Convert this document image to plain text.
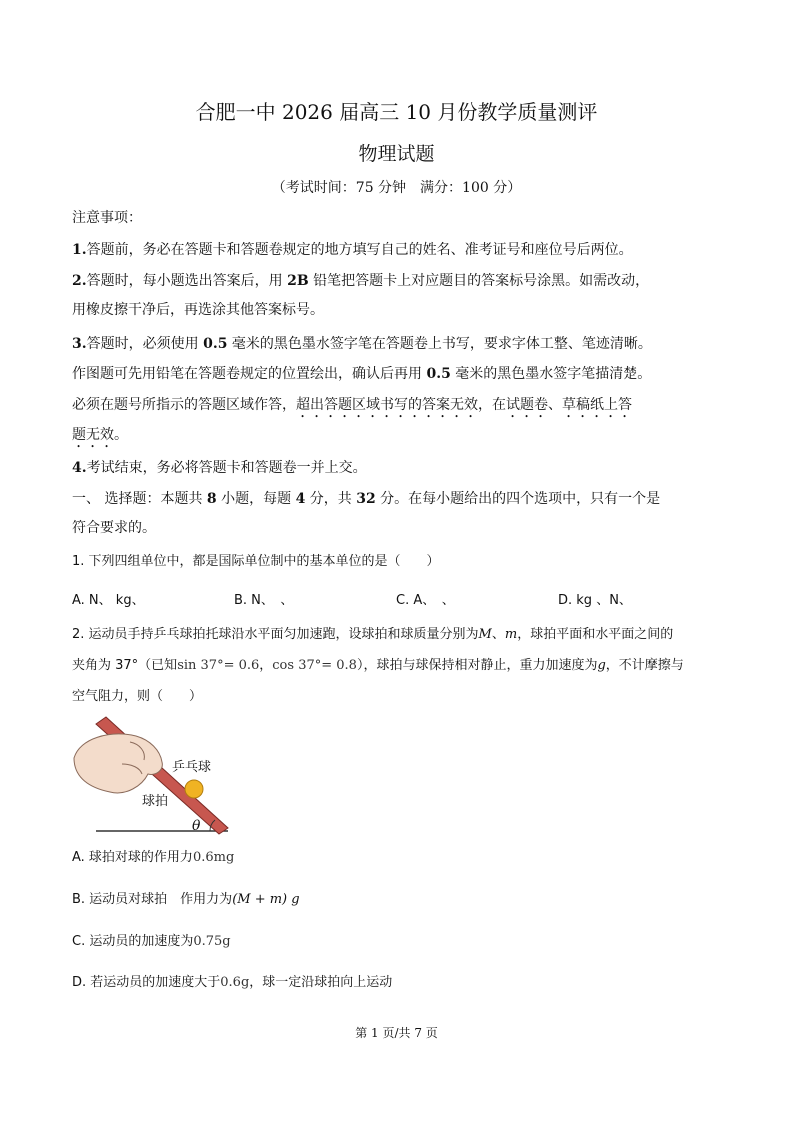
合肥一中 2026 届高三 10 月份教学质量测评
物理试题
（考试时间：75 分钟　满分：100 分）
注意事项：
1.答题前，务必在答题卡和答题卷规定的地方填写自己的姓名、准考证号和座位号后两位。
2.答题时，每小题选出答案后，用 2B 铅笔把答题卡上对应题目的答案标号涂黑。如需改动，
用橡皮擦干净后，再选涂其他答案标号。
3.答题时，必须使用 0.5 毫米的黑色墨水签字笔在答题卷上书写，要求字体工整、笔迹清晰。
作图题可先用铅笔在答题卷规定的位置绘出，确认后再用 0.5 毫米的黑色墨水签字笔描清楚。
必须在题号所指示的答题区域作答，超出答题区域书写的答案无效，在试题卷、草稿纸上答
题无效。
4.考试结束，务必将答题卡和答题卷一并上交。
一、 选择题：本题共 8 小题，每题 4 分，共 32 分。在每小题给出的四个选项中，只有一个是
符合要求的。
1. 下列四组单位中，都是国际单位制中的基本单位的是（　　）
A. N、 kg、	B. N、　、	C. A、　、	D. kg 、N、
2. 运动员手持乒乓球拍托球沿水平面匀加速跑，设球拍和球质量分别为M、m，球拍平面和水平面之间的
夹角为 37°（已知sin 37°= 0.6，cos 37°= 0.8），球拍与球保持相对静止，重力加速度为g，不计摩擦与
空气阻力，则（　　）
θ
乒乓球
球拍
A. 球拍对球的作用力0.6mg
B. 运动员对球拍　作用力为(M + m) g
C. 运动员的加速度为0.75g
D. 若运动员的加速度大于0.6g，球一定沿球拍向上运动
第 1 页/共 7 页
